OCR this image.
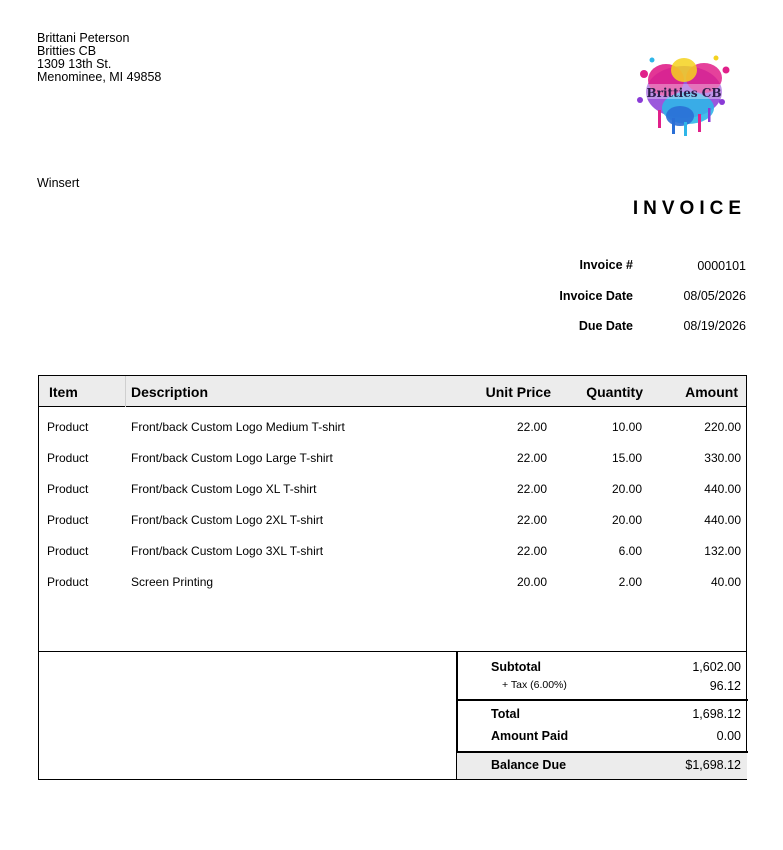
Brittani Peterson
Britties CB
1309 13th St.
Menominee, MI 49858
Britties CB
Winsert
INVOICE
Invoice #	0000101
Invoice Date	08/05/2026
Due Date	08/19/2026
Item	Description	Unit Price	Quantity	Amount
Product	Front/back Custom Logo Medium T-shirt	22.00	10.00	220.00
Product	Front/back Custom Logo Large T-shirt	22.00	15.00	330.00
Product	Front/back Custom Logo XL T-shirt	22.00	20.00	440.00
Product	Front/back Custom Logo 2XL T-shirt	22.00	20.00	440.00
Product	Front/back Custom Logo 3XL T-shirt	22.00	6.00	132.00
Product	Screen Printing	20.00	2.00	40.00
Subtotal	1,602.00
+ Tax (6.00%)	96.12
Total	1,698.12
Amount Paid	0.00
Balance Due	$1,698.12
